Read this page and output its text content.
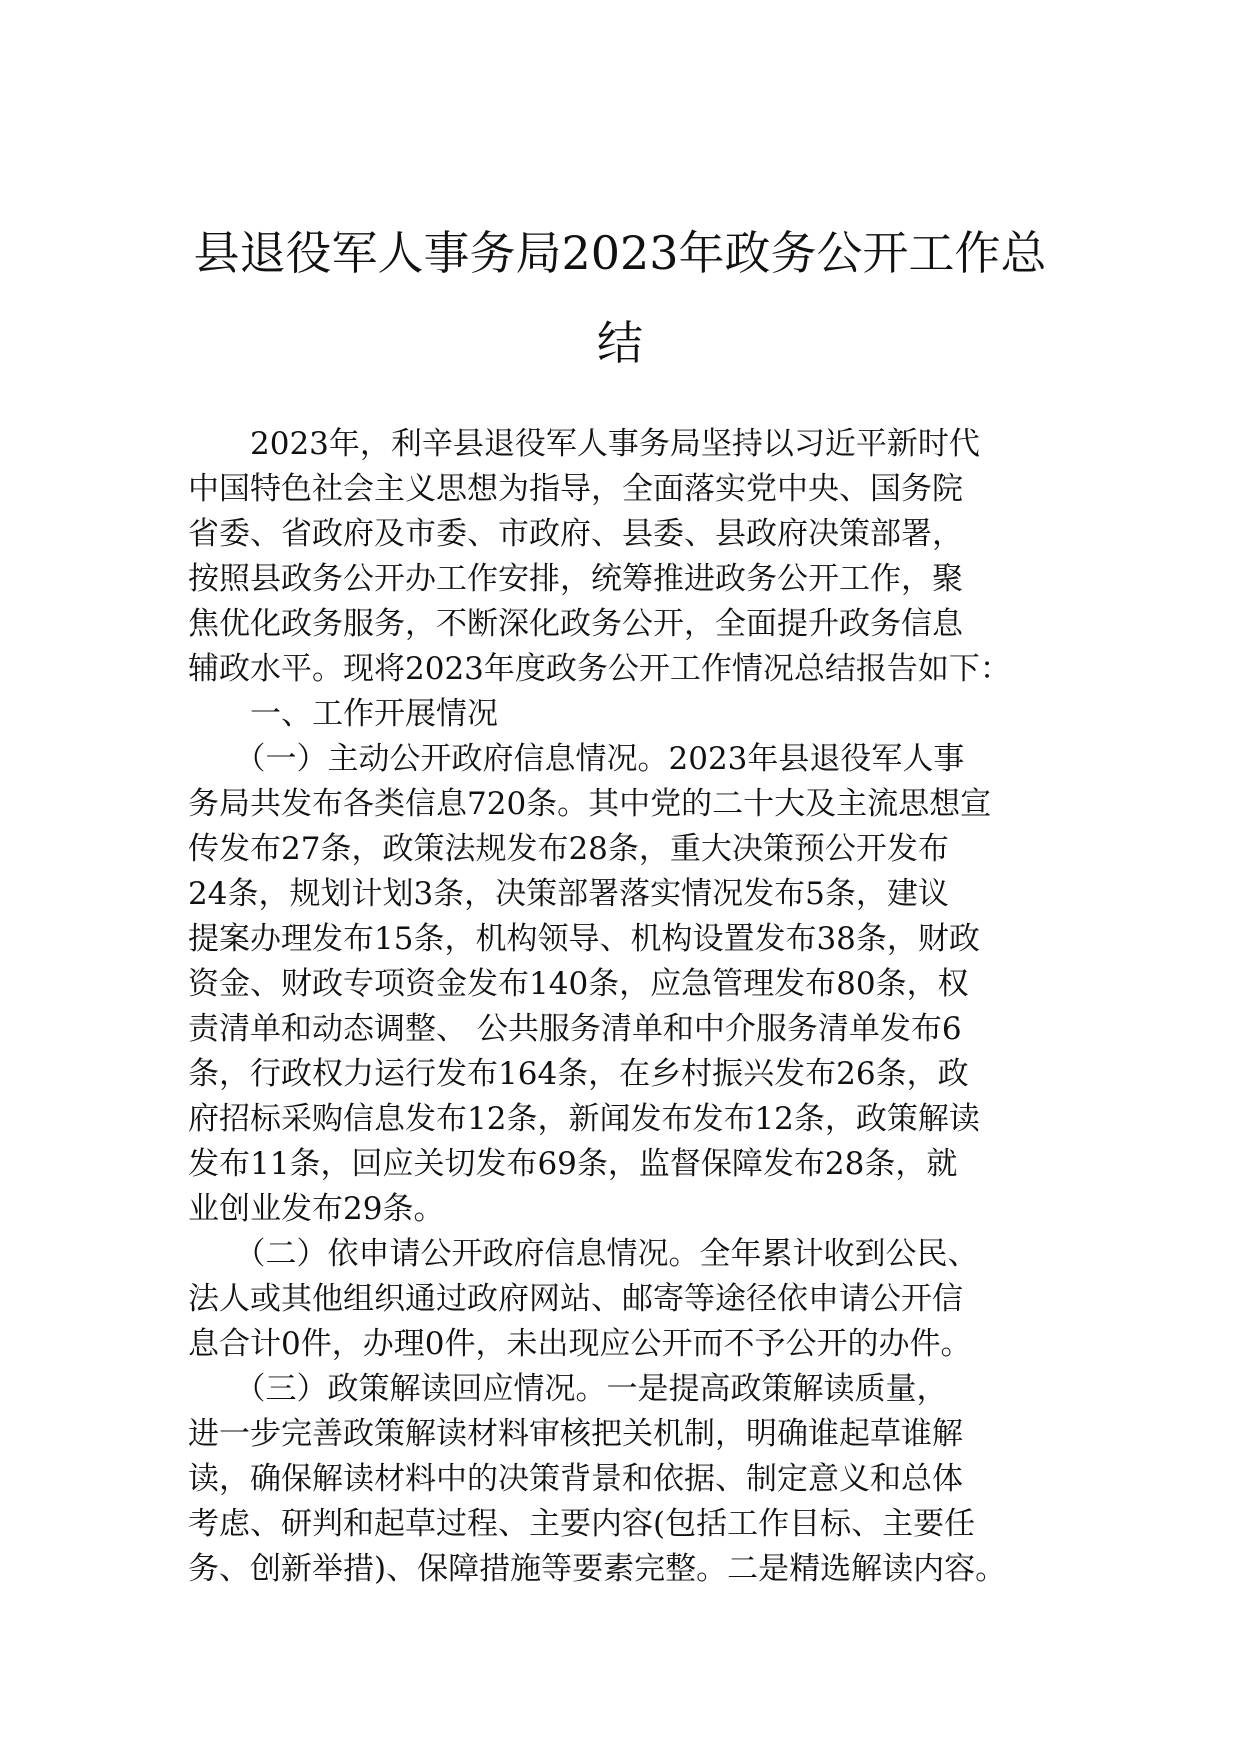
县退役军人事务局2023年政务公开工作总
结
　　2023年，利辛县退役军人事务局坚持以习近平新时代
中国特色社会主义思想为指导，全面落实党中央、国务院
省委、省政府及市委、市政府、县委、县政府决策部署，
按照县政务公开办工作安排，统筹推进政务公开工作，聚
焦优化政务服务，不断深化政务公开，全面提升政务信息
辅政水平。现将2023年度政务公开工作情况总结报告如下：
　　一、工作开展情况
　　（一）主动公开政府信息情况。2023年县退役军人事
务局共发布各类信息720条。其中党的二十大及主流思想宣
传发布27条，政策法规发布28条，重大决策预公开发布
24条，规划计划3条，决策部署落实情况发布5条，建议
提案办理发布15条，机构领导、机构设置发布38条，财政
资金、财政专项资金发布140条，应急管理发布80条，权
责清单和动态调整、 公共服务清单和中介服务清单发布6
条，行政权力运行发布164条，在乡村振兴发布26条，政
府招标采购信息发布12条，新闻发布发布12条，政策解读
发布11条，回应关切发布69条，监督保障发布28条，就
业创业发布29条。
　　（二）依申请公开政府信息情况。全年累计收到公民、
法人或其他组织通过政府网站、邮寄等途径依申请公开信
息合计0件，办理0件，未出现应公开而不予公开的办件。
　　（三）政策解读回应情况。一是提高政策解读质量，
进一步完善政策解读材料审核把关机制，明确谁起草谁解
读，确保解读材料中的决策背景和依据、制定意义和总体
考虑、研判和起草过程、主要内容(包括工作目标、主要任
务、创新举措)、保障措施等要素完整。二是精选解读内容。
